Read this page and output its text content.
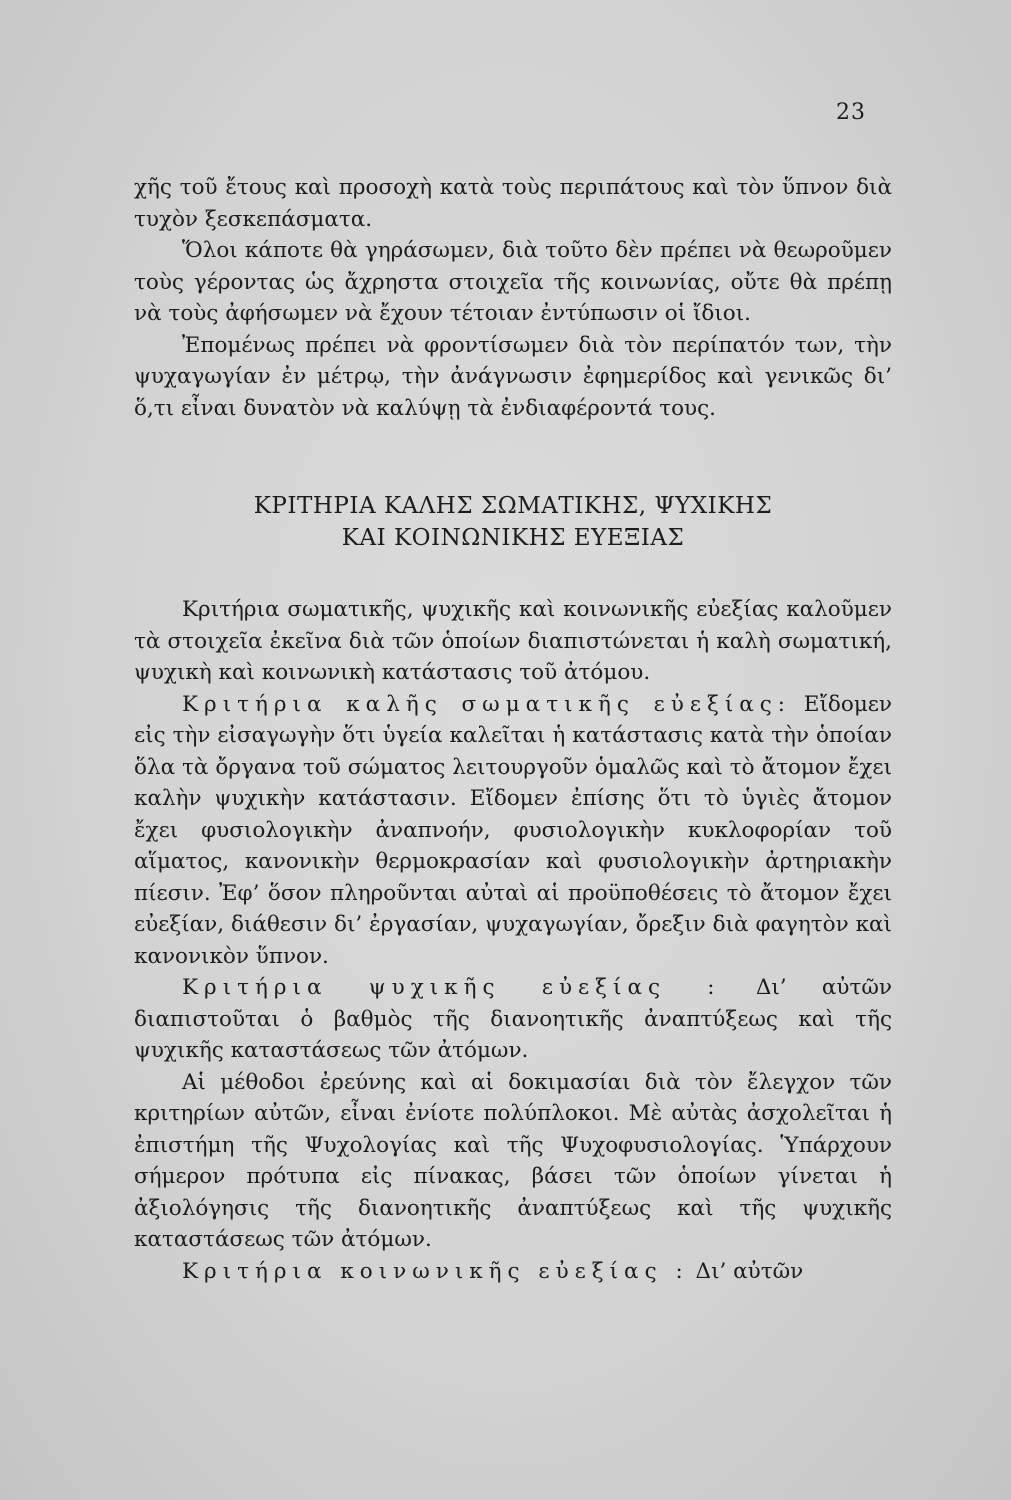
23

χῆς τοῦ ἔτους καὶ προσοχὴ κατὰ τοὺς περιπάτους καὶ τὸν ὕπνον διὰ τυχὸν ξεσκεπάσματα.

Ὅλοι κάποτε θὰ γηράσωμεν, διὰ τοῦτο δὲν πρέπει νὰ θεωροῦμεν τοὺς γέροντας ὡς ἄχρηστα στοιχεῖα τῆς κοινωνίας, οὔτε θὰ πρέπῃ νὰ τοὺς ἀφήσωμεν νὰ ἔχουν τέτοιαν ἐντύπωσιν οἱ ἴδιοι.

Ἐπομένως πρέπει νὰ φροντίσωμεν διὰ τὸν περίπατόν των, τὴν ψυχαγωγίαν ἐν μέτρῳ, τὴν ἀνάγνωσιν ἐφημερίδος καὶ γενικῶς δι’ ὅ,τι εἶναι δυνατὸν νὰ καλύψῃ τὰ ἐνδιαφέροντά τους.

ΚΡΙΤΗΡΙΑ ΚΑΛΗΣ ΣΩΜΑΤΙΚΗΣ, ΨΥΧΙΚΗΣ
ΚΑΙ ΚΟΙΝΩΝΙΚΗΣ ΕΥΕΞΙΑΣ

Κριτήρια σωματικῆς, ψυχικῆς καὶ κοινωνικῆς εὐεξίας καλοῦμεν τὰ στοιχεῖα ἐκεῖνα διὰ τῶν ὁποίων διαπιστώνεται ἡ καλὴ σωματική, ψυχικὴ καὶ κοινωνικὴ κατάστασις τοῦ ἀτόμου.

Κριτήρια καλῆς σωματικῆς εὐεξίας: Εἴδομεν εἰς τὴν εἰσαγωγὴν ὅτι ὑγεία καλεῖται ἡ κατάστασις κατὰ τὴν ὁποίαν ὅλα τὰ ὄργανα τοῦ σώματος λειτουργοῦν ὁμαλῶς καὶ τὸ ἄτομον ἔχει καλὴν ψυχικὴν κατάστασιν. Εἴδομεν ἐπίσης ὅτι τὸ ὑγιὲς ἄτομον ἔχει φυσιολογικὴν ἀναπνοήν, φυσιολογικὴν κυκλοφορίαν τοῦ αἵματος, κανονικὴν θερμοκρασίαν καὶ φυσιολογικὴν ἀρτηριακὴν πίεσιν. Ἐφ’ ὅσον πληροῦνται αὐταὶ αἱ προϋποθέσεις τὸ ἄτομον ἔχει εὐεξίαν, διάθεσιν δι’ ἐργασίαν, ψυχαγωγίαν, ὄρεξιν διὰ φαγητὸν καὶ κανονικὸν ὕπνον.

Κριτήρια ψυχικῆς εὐεξίας : Δι’ αὐτῶν διαπιστοῦται ὁ βαθμὸς τῆς διανοητικῆς ἀναπτύξεως καὶ τῆς ψυχικῆς καταστάσεως τῶν ἀτόμων.

Αἱ μέθοδοι ἐρεύνης καὶ αἱ δοκιμασίαι διὰ τὸν ἔλεγχον τῶν κριτηρίων αὐτῶν, εἶναι ἐνίοτε πολύπλοκοι. Μὲ αὐτὰς ἀσχολεῖται ἡ ἐπιστήμη τῆς Ψυχολογίας καὶ τῆς Ψυχοφυσιολογίας. Ὑπάρχουν σήμερον πρότυπα εἰς πίνακας, βάσει τῶν ὁποίων γίνεται ἡ ἀξιολόγησις τῆς διανοητικῆς ἀναπτύξεως καὶ τῆς ψυχικῆς καταστάσεως τῶν ἀτόμων.

Κριτήρια κοινωνικῆς εὐεξίας : Δι’ αὐτῶν
